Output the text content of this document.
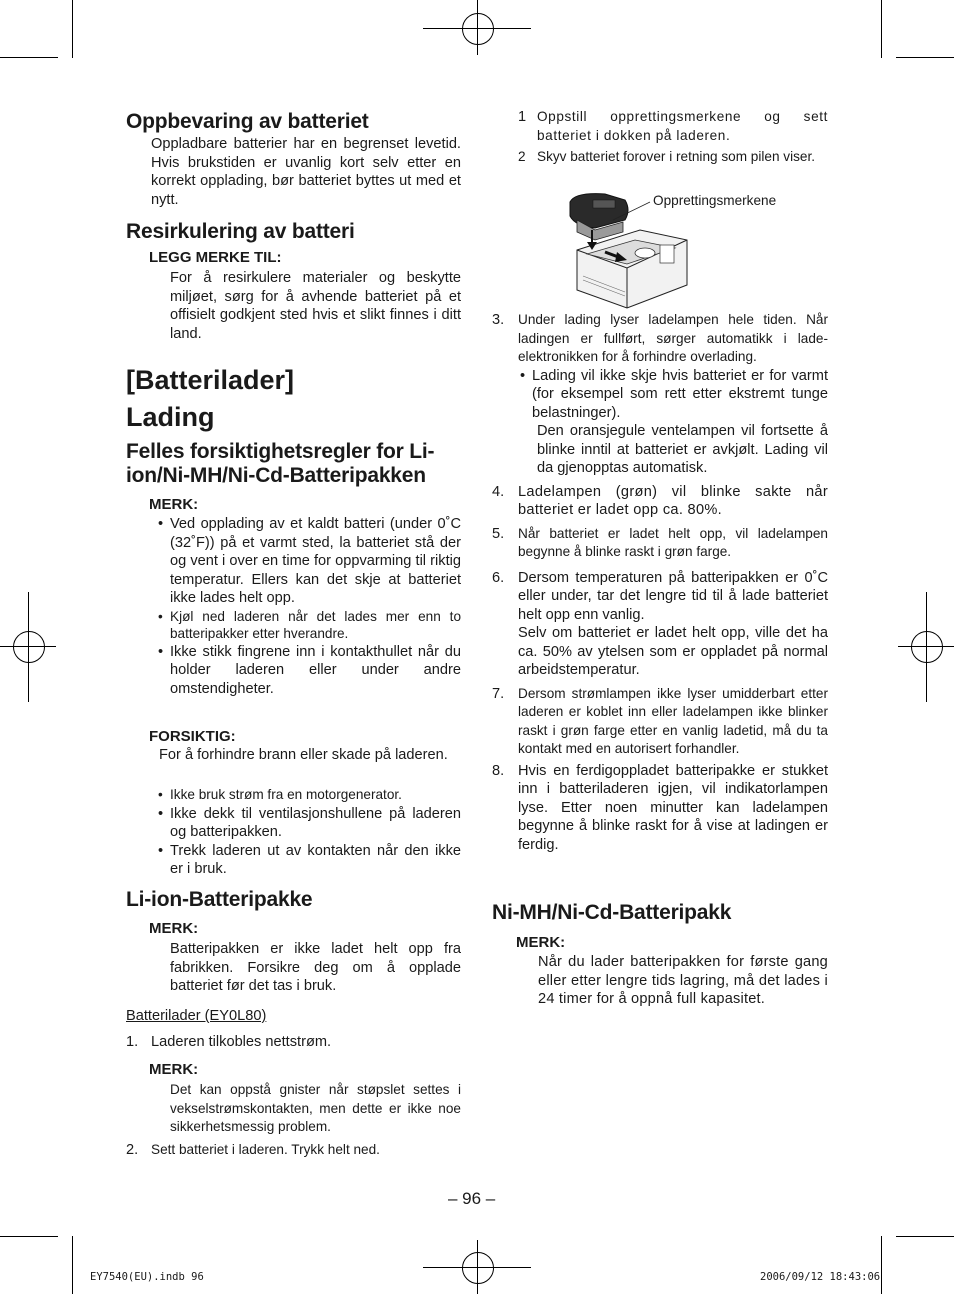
Oppbevaring av batteriet
Oppladbare batterier har en begrenset levetid. Hvis brukstiden er uvanlig kort selv etter en korrekt opplading, bør batteriet byttes ut med et nytt.
Resirkulering av batteri
LEGG MERKE TIL:
For å resirkulere materialer og beskytte miljøet, sørg for å avhende batteriet på et offisielt godkjent sted hvis et slikt finnes i ditt land.
[Batterilader]
Lading
Felles forsiktighetsregler for Li-ion/Ni-MH/Ni-Cd-Batteripakken
MERK:
• Ved opplading av et kaldt batteri (under 0˚C (32˚F)) på et varmt sted, la batteriet stå der og vent i over en time for oppvarming til riktig temperatur. Ellers kan det skje at batteriet ikke lades helt opp.
• Kjøl ned laderen når det lades mer enn to batteripakker etter hverandre.
• Ikke stikk fingrene inn i kontakthullet når du holder laderen eller under andre omstendigheter.
FORSIKTIG:
For å forhindre brann eller skade på laderen.
• Ikke bruk strøm fra en motorgenerator.
• Ikke dekk til ventilasjonshullene på laderen og batteripakken.
• Trekk laderen ut av kontakten når den ikke er i bruk.
Li-ion-Batteripakke
MERK:
Batteripakken er ikke ladet helt opp fra fabrikken. Forsikre deg om å opplade batteriet før det tas i bruk.
Batterilader (EY0L80)
1. Laderen tilkobles nettstrøm.
MERK:
Det kan oppstå gnister når støpslet settes i vekselstrømskontakten, men dette er ikke noe sikkerhetsmessig problem.
2. Sett batteriet i laderen. Trykk helt ned.
1 Oppstill opprettingsmerkene og sett batteriet i dokken på laderen.
2 Skyv batteriet forover i retning som pilen viser.
Opprettingsmerkene
3. Under lading lyser ladelampen hele tiden. Når ladingen er fullført, sørger automatikk i lade-elektronikken for å forhindre overlading.
• Lading vil ikke skje hvis batteriet er for varmt (for eksempel som rett etter ekstremt tunge belastninger).
Den oransjegule ventelampen vil fortsette å blinke inntil at batteriet er avkjølt. Lading vil da gjenopptas automatisk.
4. Ladelampen (grøn) vil blinke sakte når batteriet er ladet opp ca. 80%.
5. Når batteriet er ladet helt opp, vil ladelampen begynne å blinke raskt i grøn farge.
6. Dersom temperaturen på batteripakken er 0˚C eller under, tar det lengre tid til å lade batteriet helt opp enn vanlig.
Selv om batteriet er ladet helt opp, ville det ha ca. 50% av ytelsen som er oppladet på normal arbeidstemperatur.
7. Dersom strømlampen ikke lyser umidderbart etter laderen er koblet inn eller ladelampen ikke blinker raskt i grøn farge etter en vanlig ladetid, må du ta kontakt med en autorisert forhandler.
8. Hvis en ferdigoppladet batteripakke er stukket inn i batteriladeren igjen, vil indikatorlampen lyse. Etter noen minutter kan ladelampen begynne å blinke raskt for å vise at ladingen er ferdig.
Ni-MH/Ni-Cd-Batteripakk
MERK:
Når du lader batteripakken for første gang eller etter lengre tids lagring, må det lades i 24 timer for å oppnå full kapasitet.
– 96 –
EY7540(EU).indb 96	2006/09/12 18:43:06
